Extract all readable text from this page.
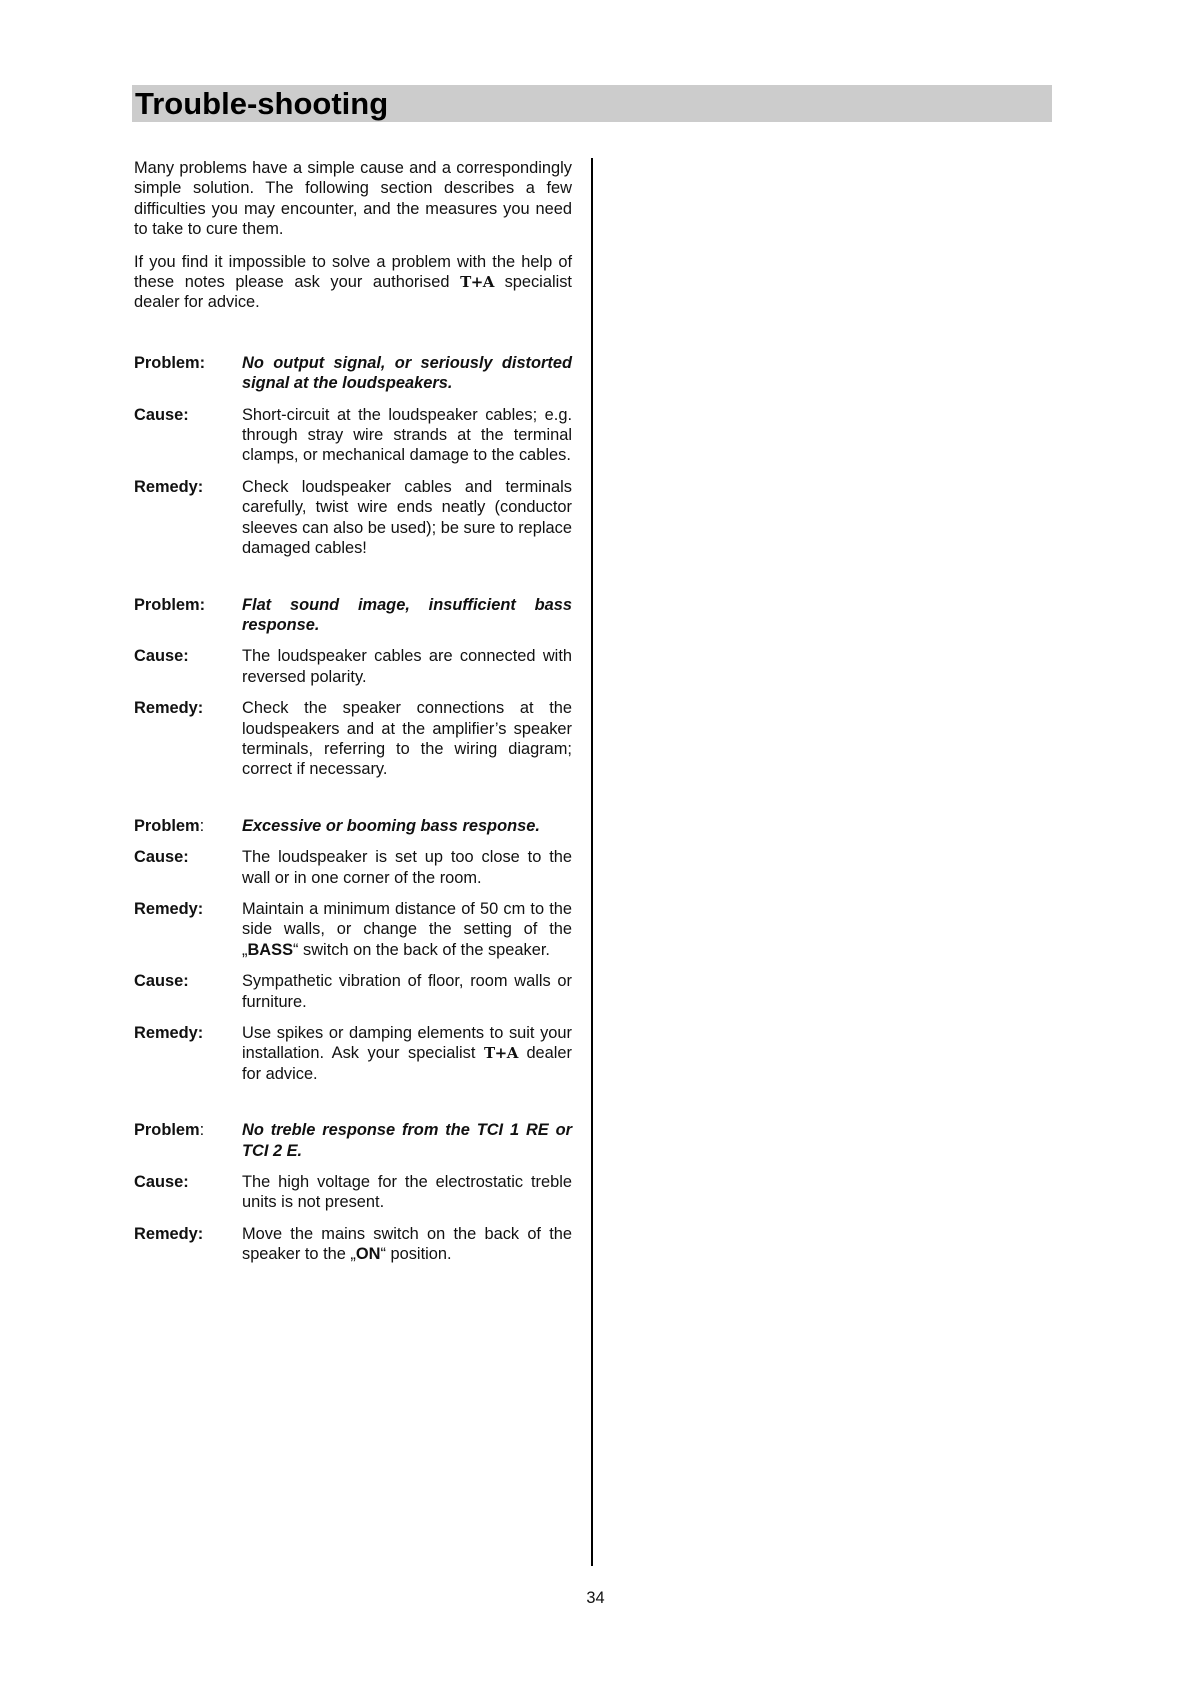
Trouble-shooting

Many problems have a simple cause and a correspondingly simple solution. The following section describes a few difficulties you may encounter, and the measures you need to take to cure them.

If you find it impossible to solve a problem with the help of these notes please ask your authorised T+A specialist dealer for advice.

Problem:	No output signal, or seriously distorted signal at the loudspeakers.
Cause:	Short-circuit at the loudspeaker cables; e.g. through stray wire strands at the terminal clamps, or mechanical damage to the cables.
Remedy:	Check loudspeaker cables and terminals carefully, twist wire ends neatly (conductor sleeves can also be used); be sure to replace damaged cables!
Problem:	Flat sound image, insufficient bass response.
Cause:	The loudspeaker cables are connected with reversed polarity.
Remedy:	Check the speaker connections at the loudspeakers and at the amplifier’s speaker terminals, referring to the wiring diagram; correct if necessary.
Problem:	Excessive or booming bass response.
Cause:	The loudspeaker is set up too close to the wall or in one corner of the room.
Remedy:	Maintain a minimum distance of 50 cm to the side walls, or change the setting of the „BASS“ switch on the back of the speaker.
Cause:	Sympathetic vibration of floor, room walls or furniture.
Remedy:	Use spikes or damping elements to suit your installation. Ask your specialist T+A dealer for advice.
Problem:	No treble response from the TCI 1 RE or TCI 2 E.
Cause:	The high voltage for the electrostatic treble units is not present.
Remedy:	Move the mains switch on the back of the speaker to the „ON“ position.
34
